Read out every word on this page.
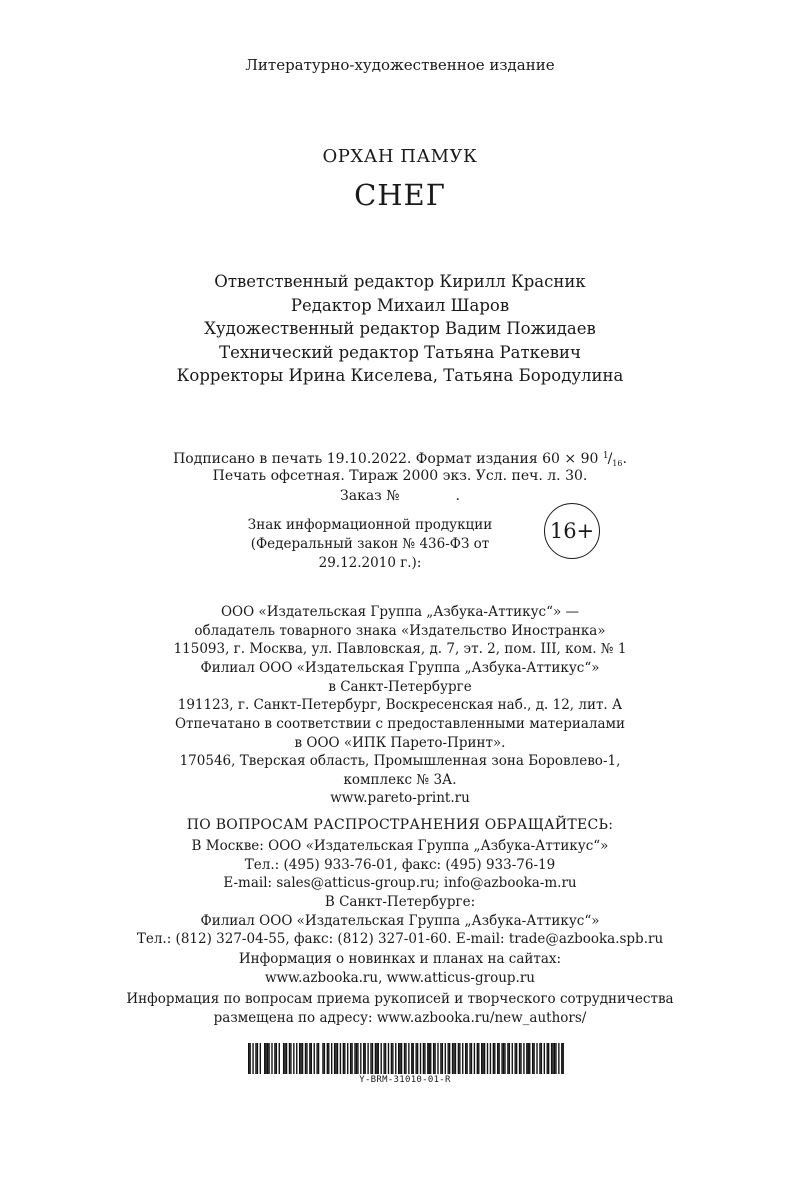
Литературно-художественное издание
ОРХАН ПАМУК
СНЕГ
Ответственный редактор Кирилл Красник
Редактор Михаил Шаров
Художественный редактор Вадим Пожидаев
Технический редактор Татьяна Раткевич
Корректоры Ирина Киселева, Татьяна Бородулина
Подписано в печать 19.10.2022. Формат издания 60 × 90 $^1/_{16}$.
Печать офсетная. Тираж 2000 экз. Усл. печ. л. 30.
Заказ №	.
Знак информационной продукции
(Федеральный закон № 436-ФЗ от 29.12.2010 г.):
16+
ООО «Издательская Группа „Азбука-Аттикус“» —
обладатель товарного знака «Издательство Иностранка»
115093, г. Москва, ул. Павловская, д. 7, эт. 2, пом. III, ком. № 1
Филиал ООО «Издательская Группа „Азбука-Аттикус“»
в Санкт-Петербурге
191123, г. Санкт-Петербург, Воскресенская наб., д. 12, лит. А
Отпечатано в соответствии с предоставленными материалами
в ООО «ИПК Парето-Принт».
170546, Тверская область, Промышленная зона Боровлево-1,
комплекс № 3А.
www.pareto-print.ru
ПО ВОПРОСАМ РАСПРОСТРАНЕНИЯ ОБРАЩАЙТЕСЬ:
В Москве: ООО «Издательская Группа „Азбука-Аттикус“»
Тел.: (495) 933-76-01, факс: (495) 933-76-19
E-mail: sales@atticus-group.ru; info@azbooka-m.ru
В Санкт-Петербурге:
Филиал ООО «Издательская Группа „Азбука-Аттикус“»
Тел.: (812) 327-04-55, факс: (812) 327-01-60. E-mail: trade@azbooka.spb.ru
Информация о новинках и планах на сайтах:
www.azbooka.ru, www.atticus-group.ru
Информация по вопросам приема рукописей и творческого сотрудничества
размещена по адресу: www.azbooka.ru/new_authors/
Y-BRM-31010-01-R
